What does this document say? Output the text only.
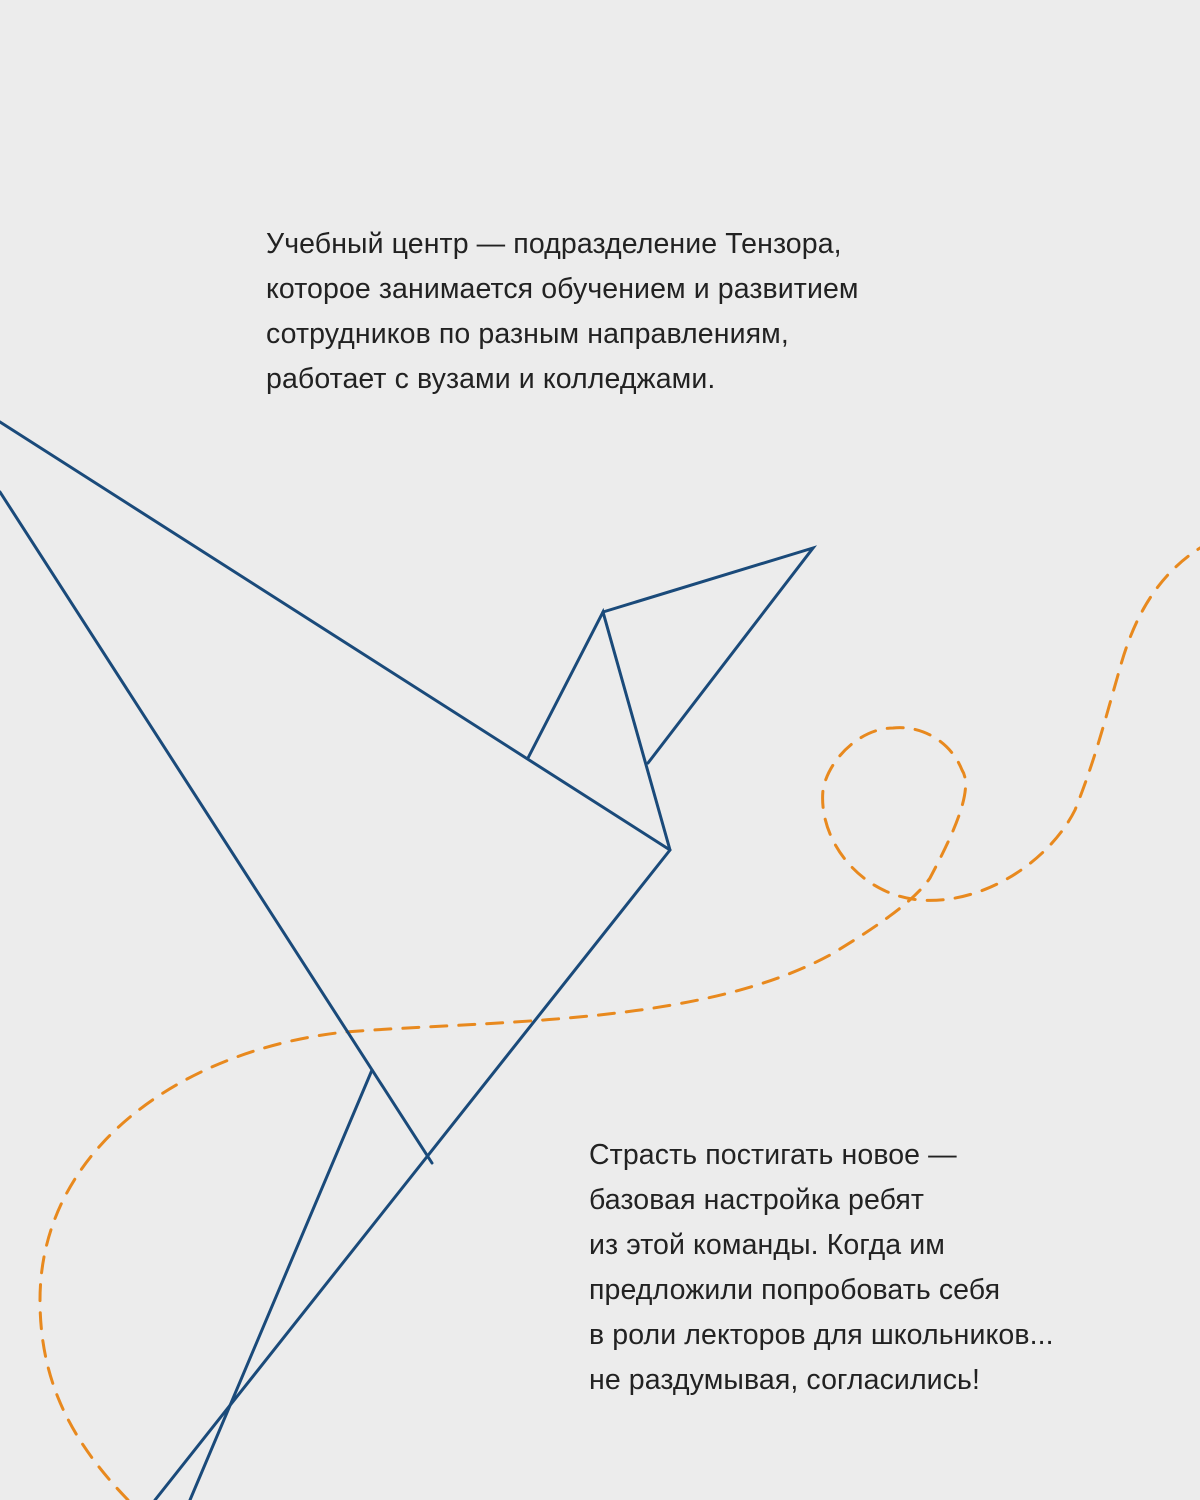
Учебный центр — подразделение Тензора,
которое занимается обучением и развитием
сотрудников по разным направлениям,
работает с вузами и колледжами.

Страсть постигать новое —
базовая настройка ребят
из этой команды. Когда им
предложили попробовать себя
в роли лекторов для школьников...
не раздумывая, согласились!
